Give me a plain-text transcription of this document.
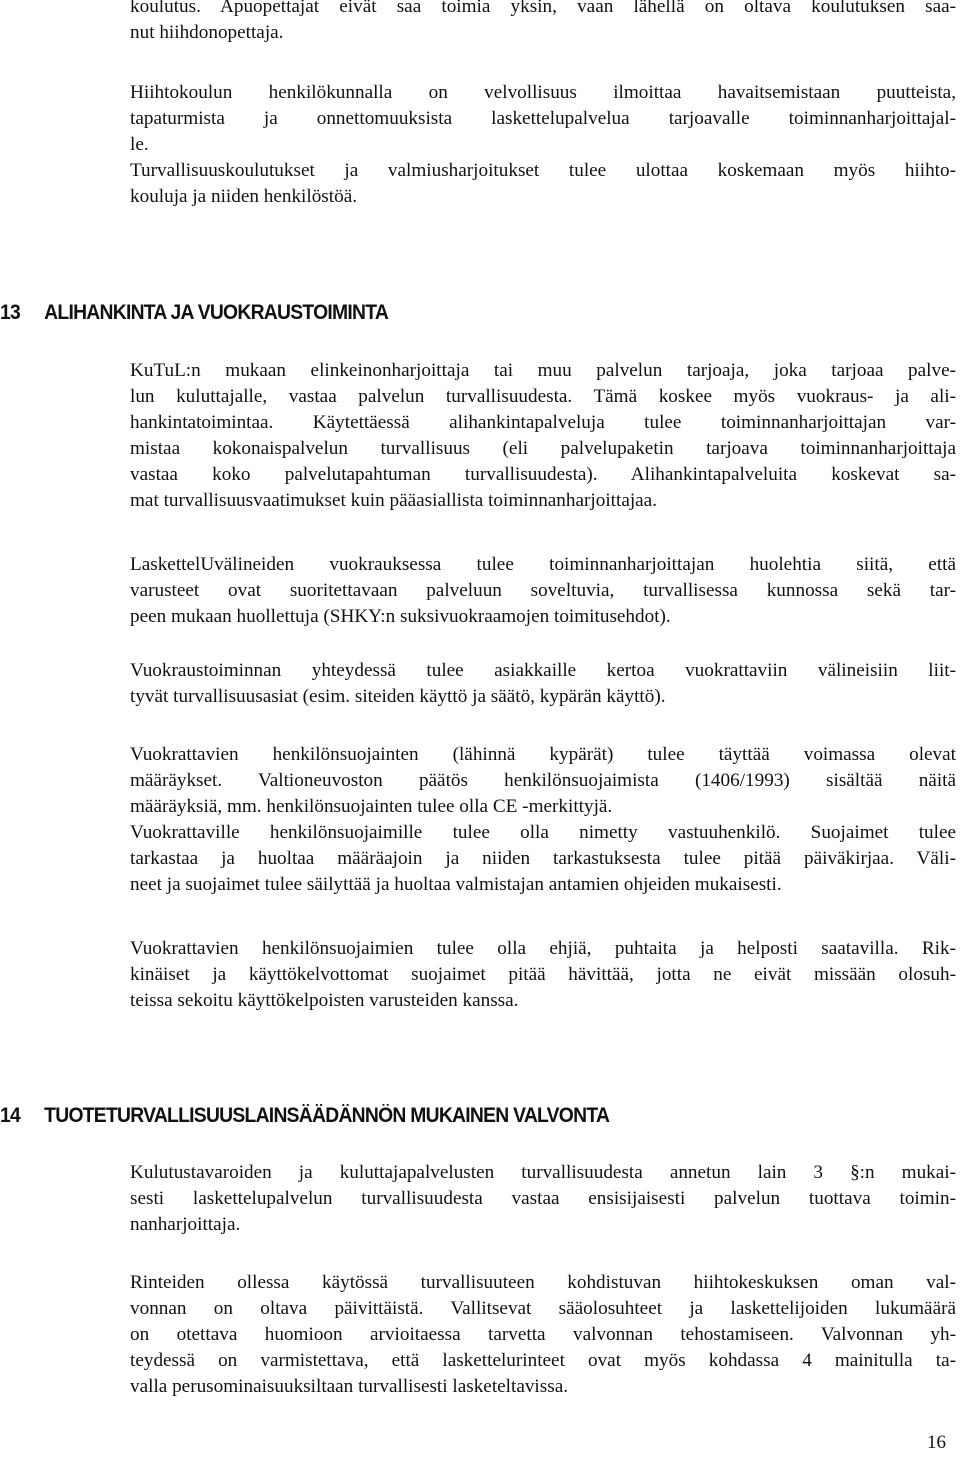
koulutus. Apuopettajat eivät saa toimia yksin, vaan lähellä on oltava koulutuksen saa-
nut hiihdonopettaja.
Hiihtokoulun henkilökunnalla on velvollisuus ilmoittaa havaitsemistaan puutteista,
tapaturmista ja onnettomuuksista laskettelupalvelua tarjoavalle toiminnanharjoittajal-
le.
Turvallisuuskoulutukset ja valmiusharjoitukset tulee ulottaa koskemaan myös hiihto-
kouluja ja niiden henkilöstöä.
13 ALIHANKINTA JA VUOKRAUSTOIMINTA
KuTuL:n mukaan elinkeinonharjoittaja tai muu palvelun tarjoaja, joka tarjoaa palve-
lun kuluttajalle, vastaa palvelun turvallisuudesta. Tämä koskee myös vuokraus- ja ali-
hankintatoimintaa. Käytettäessä alihankintapalveluja tulee toiminnanharjoittajan var-
mistaa kokonaispalvelun turvallisuus (eli palvelupaketin tarjoava toiminnanharjoittaja
vastaa koko palvelutapahtuman turvallisuudesta). Alihankintapalveluita koskevat sa-
mat turvallisuusvaatimukset kuin pääasiallista toiminnanharjoittajaa.
LaskettelUvälineiden vuokrauksessa tulee toiminnanharjoittajan huolehtia siitä, että
varusteet ovat suoritettavaan palveluun soveltuvia, turvallisessa kunnossa sekä tar-
peen mukaan huollettuja (SHKY:n suksivuokraamojen toimitusehdot).
Vuokraustoiminnan yhteydessä tulee asiakkaille kertoa vuokrattaviin välineisiin liit-
tyvät turvallisuusasiat (esim. siteiden käyttö ja säätö, kypärän käyttö).
Vuokrattavien henkilönsuojainten (lähinnä kypärät) tulee täyttää voimassa olevat
määräykset. Valtioneuvoston päätös henkilönsuojaimista (1406/1993) sisältää näitä
määräyksiä, mm. henkilönsuojainten tulee olla CE -merkittyjä.
Vuokrattaville henkilönsuojaimille tulee olla nimetty vastuuhenkilö. Suojaimet tulee
tarkastaa ja huoltaa määräajoin ja niiden tarkastuksesta tulee pitää päiväkirjaa. Väli-
neet ja suojaimet tulee säilyttää ja huoltaa valmistajan antamien ohjeiden mukaisesti.
Vuokrattavien henkilönsuojaimien tulee olla ehjiä, puhtaita ja helposti saatavilla. Rik-
kinäiset ja käyttökelvottomat suojaimet pitää hävittää, jotta ne eivät missään olosuh-
teissa sekoitu käyttökelpoisten varusteiden kanssa.
14 TUOTETURVALLISUUSLAINSÄÄDÄNNÖN MUKAINEN VALVONTA
Kulutustavaroiden ja kuluttajapalvelusten turvallisuudesta annetun lain 3 §:n mukai-
sesti laskettelupalvelun turvallisuudesta vastaa ensisijaisesti palvelun tuottava toimin-
nanharjoittaja.
Rinteiden ollessa käytössä turvallisuuteen kohdistuvan hiihtokeskuksen oman val-
vonnan on oltava päivittäistä. Vallitsevat sääolosuhteet ja laskettelijoiden lukumäärä
on otettava huomioon arvioitaessa tarvetta valvonnan tehostamiseen. Valvonnan yh-
teydessä on varmistettava, että laskettelurinteet ovat myös kohdassa 4 mainitulla ta-
valla perusominaisuuksiltaan turvallisesti lasketeltavissa.
16
